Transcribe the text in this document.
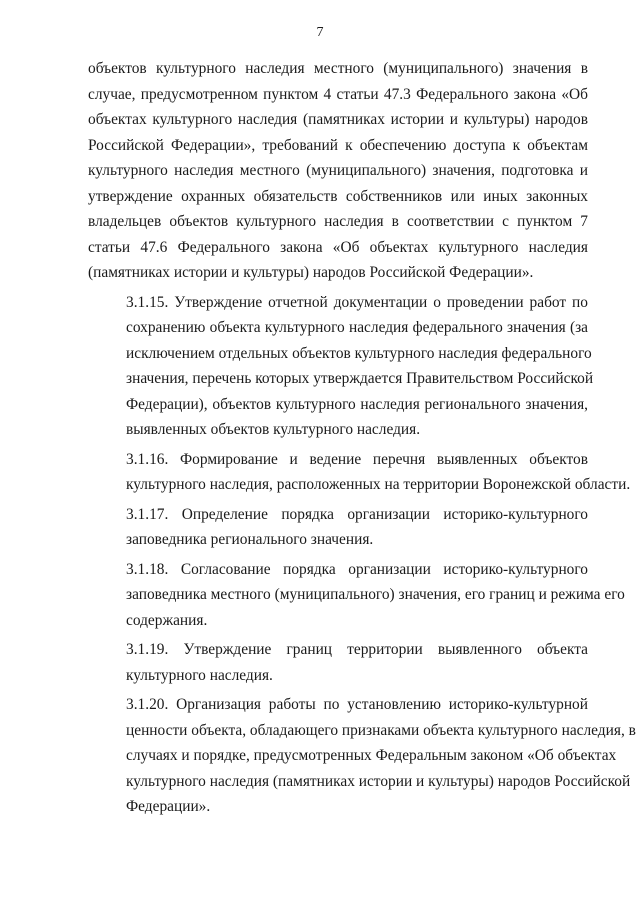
7
объектов культурного наследия местного (муниципального) значения в
случае, предусмотренном пунктом 4 статьи 47.3 Федерального закона «Об
объектах культурного наследия (памятниках истории и культуры) народов
Российской Федерации», требований к обеспечению доступа к объектам
культурного наследия местного (муниципального) значения, подготовка и
утверждение охранных обязательств собственников или иных законных
владельцев объектов культурного наследия в соответствии с пунктом 7
статьи 47.6 Федерального закона «Об объектах культурного наследия
(памятниках истории и культуры) народов Российской Федерации».
3.1.15. Утверждение отчетной документации о проведении работ по
сохранению объекта культурного наследия федерального значения (за
исключением отдельных объектов культурного наследия федерального
значения, перечень которых утверждается Правительством Российской
Федерации), объектов культурного наследия регионального значения,
выявленных объектов культурного наследия.
3.1.16. Формирование и ведение перечня выявленных объектов
культурного наследия, расположенных на территории Воронежской области.
3.1.17. Определение порядка организации историко-культурного
заповедника регионального значения.
3.1.18. Согласование порядка организации историко-культурного
заповедника местного (муниципального) значения, его границ и режима его
содержания.
3.1.19. Утверждение границ территории выявленного объекта
культурного наследия.
3.1.20. Организация работы по установлению историко-культурной
ценности объекта, обладающего признаками объекта культурного наследия, в
случаях и порядке, предусмотренных Федеральным законом «Об объектах
культурного наследия (памятниках истории и культуры) народов Российской
Федерации».
